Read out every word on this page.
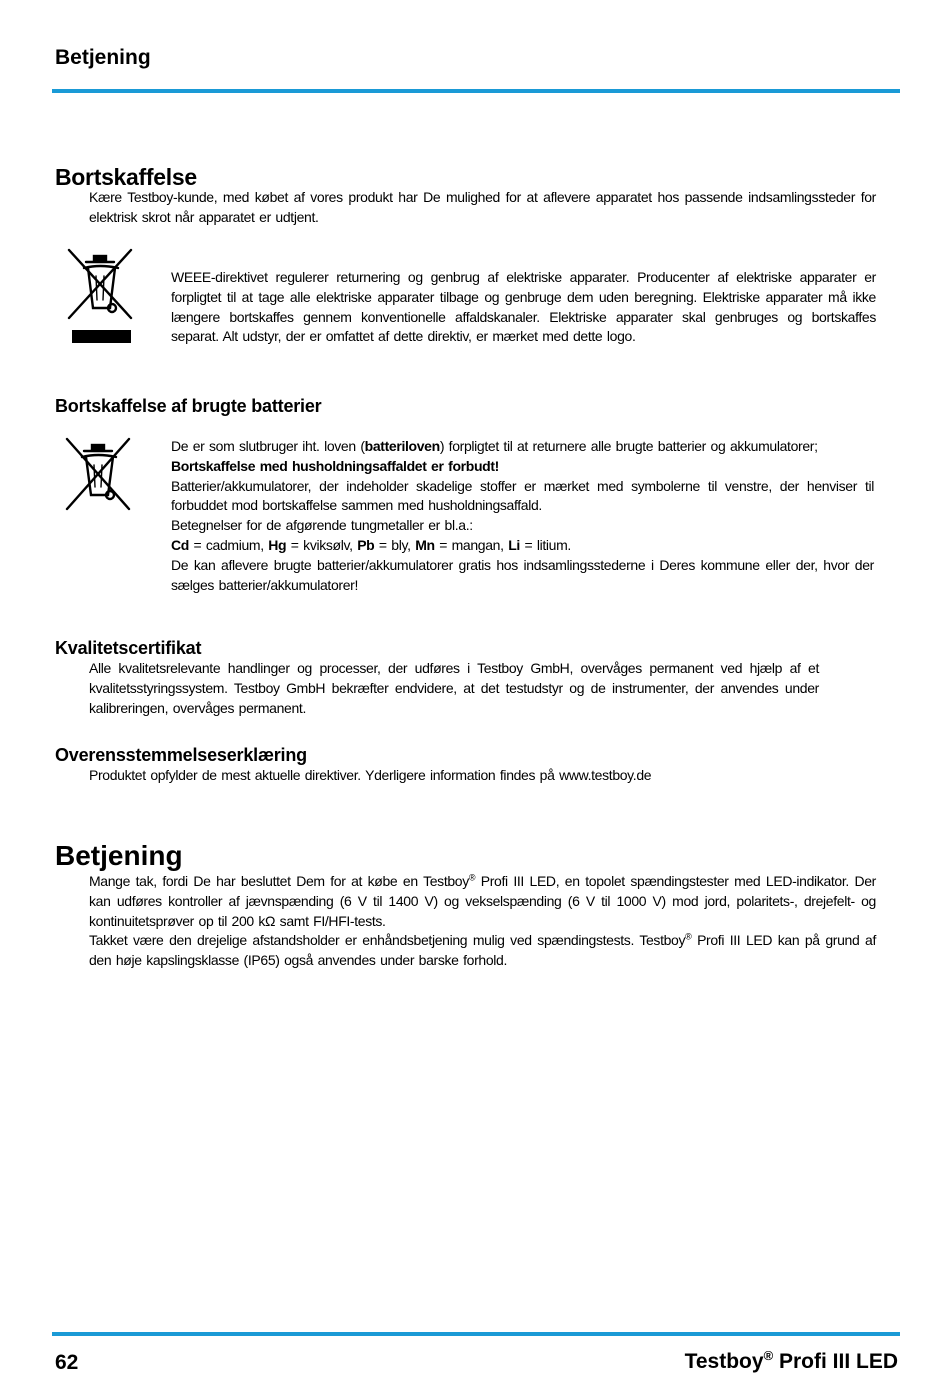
Betjening
Bortskaffelse

Kære Testboy-kunde, med købet af vores produkt har De mulighed for at aflevere apparatet hos passende indsamlingssteder for elektrisk skrot når apparatet er udtjent.

WEEE-direktivet regulerer returnering og genbrug af elektriske apparater. Producenter af elektriske apparater er forpligtet til at tage alle elektriske apparater tilbage og genbruge dem uden beregning. Elektriske apparater må ikke længere bortskaffes gennem konventionelle affaldskanaler. Elektriske apparater skal genbruges og bortskaffes separat. Alt udstyr, der er omfattet af dette direktiv, er mærket med dette logo.

Bortskaffelse af brugte batterier

De er som slutbruger iht. loven (batteriloven) forpligtet til at returnere alle brugte batterier og akkumulatorer;

Bortskaffelse med husholdningsaffaldet er forbudt!

Batterier/akkumulatorer, der indeholder skadelige stoffer er mærket med symbolerne til venstre, der henviser til forbuddet mod bortskaffelse sammen med husholdningsaffald.

Betegnelser for de afgørende tungmetaller er bl.a.:

Cd = cadmium, Hg = kviksølv, Pb = bly, Mn = mangan, Li = litium.

De kan aflevere brugte batterier/akkumulatorer gratis hos indsamlingsstederne i Deres kommune eller der, hvor der sælges batterier/akkumulatorer!

Kvalitetscertifikat

Alle kvalitetsrelevante handlinger og processer, der udføres i Testboy GmbH, overvåges permanent ved hjælp af et kvalitetsstyringssystem. Testboy GmbH bekræfter endvidere, at det testudstyr og de instrumenter, der anvendes under kalibreringen, overvåges permanent.

Overensstemmelseserklæring

Produktet opfylder de mest aktuelle direktiver. Yderligere information findes på www.testboy.de

Betjening

Mange tak, fordi De har besluttet Dem for at købe en Testboy® Profi III LED, en topolet spændingstester med LED-indikator. Der kan udføres kontroller af jævnspænding (6 V til 1400 V) og vekselspænding (6 V til 1000 V) mod jord, polaritets-, drejefelt- og kontinuitetsprøver op til 200 kΩ samt FI/HFI-tests.

Takket være den drejelige afstandsholder er enhåndsbetjening mulig ved spændingstests. Testboy® Profi III LED kan på grund af den høje kapslingsklasse (IP65) også anvendes under barske forhold.

62	Testboy® Profi III LED
